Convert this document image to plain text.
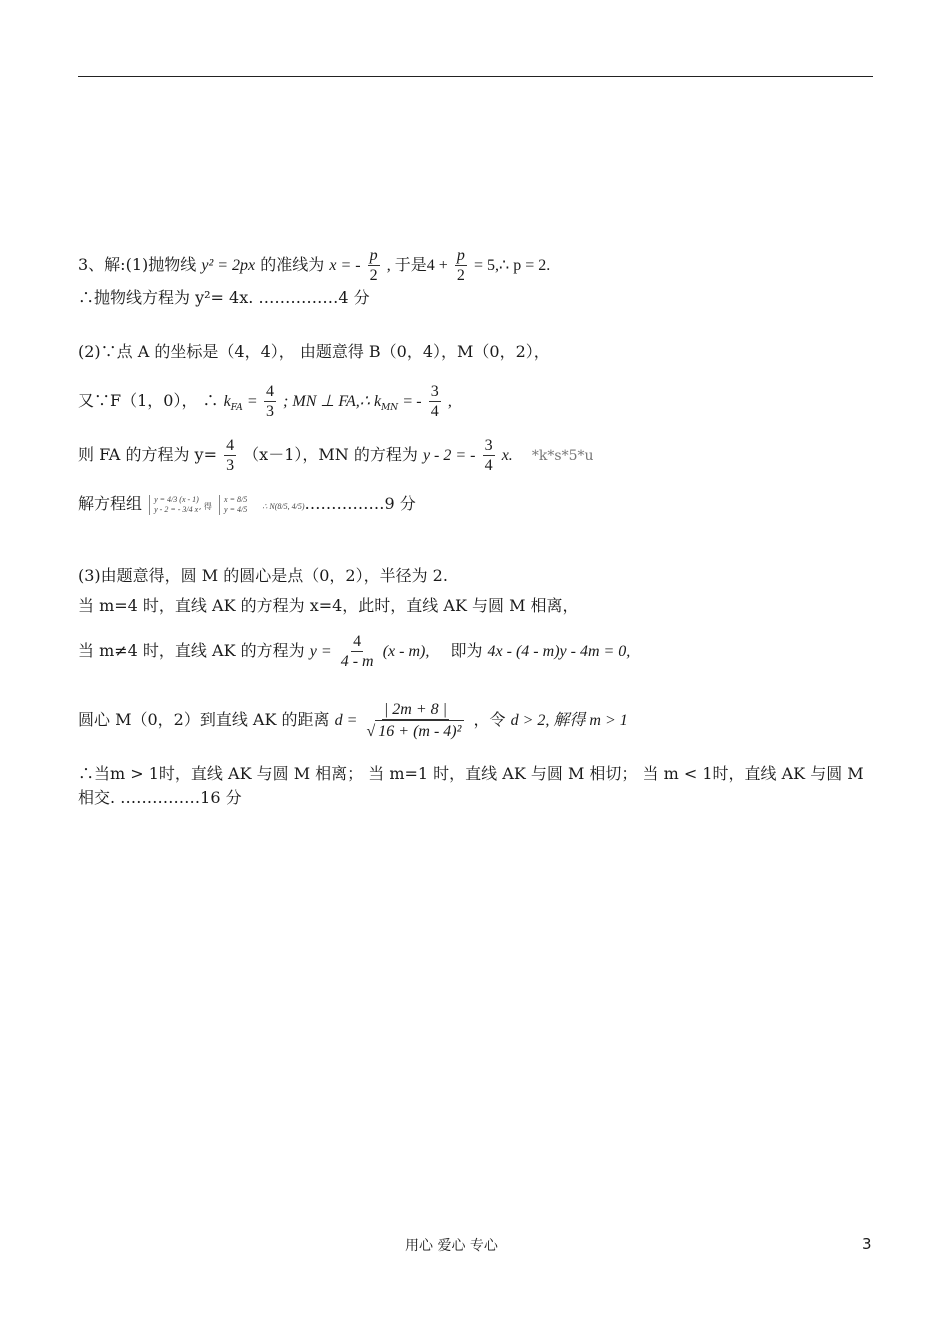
3、解:(1)抛物线 y² = 2px 的准线为 x = - $\frac{p}{2}$ , 于是$4 + \frac{p}{2}$ = 5,∴ p = 2.
∴抛物线方程为 y²= 4x. ……………4 分
(2)∵点 A 的坐标是（4，4）， 由题意得 B（0，4），M（0，2），
又∵F（1，0）， ∴ $k_{FA} = \frac{4}{3}$ ; MN ⊥ FA,∴ $k_{MN}$ = - $\frac{3}{4}$ ,
则 FA 的方程为 $y= \frac{4}{3} (x-1)$，MN 的方程为 y - 2 = - $\frac{3}{4} x$. *k*s*5*u
解方程组 y = 4/3 (x - 1)
y - 2 = - 3/4 x, 得 x = 8/5
y = 4/5 ∴ N(8/5, 4/5)……………9 分
(3)由题意得，圆 M 的圆心是点（0，2），半径为 2.
当 m=4 时，直线 AK 的方程为 x=4，此时，直线 AK 与圆 M 相离，
当 m≠4 时，直线 AK 的方程为 $y = \frac{4}{4 - m} (x - m)$, 即为 4x - (4 - m)y - 4m = 0,
圆心 M（0，2）到直线 AK 的距离 $d = \frac{| 2m + 8 |}{\text{√ 16 + (m - 4)²}}$ ，令 d > 2, 解得 m > 1
∴当m > 1时，直线 AK 与圆 M 相离； 当 m=1 时，直线 AK 与圆 M 相切； 当 m < 1时，直线 AK 与圆 M
相交. ……………16 分
用心 爱心 专心	3
